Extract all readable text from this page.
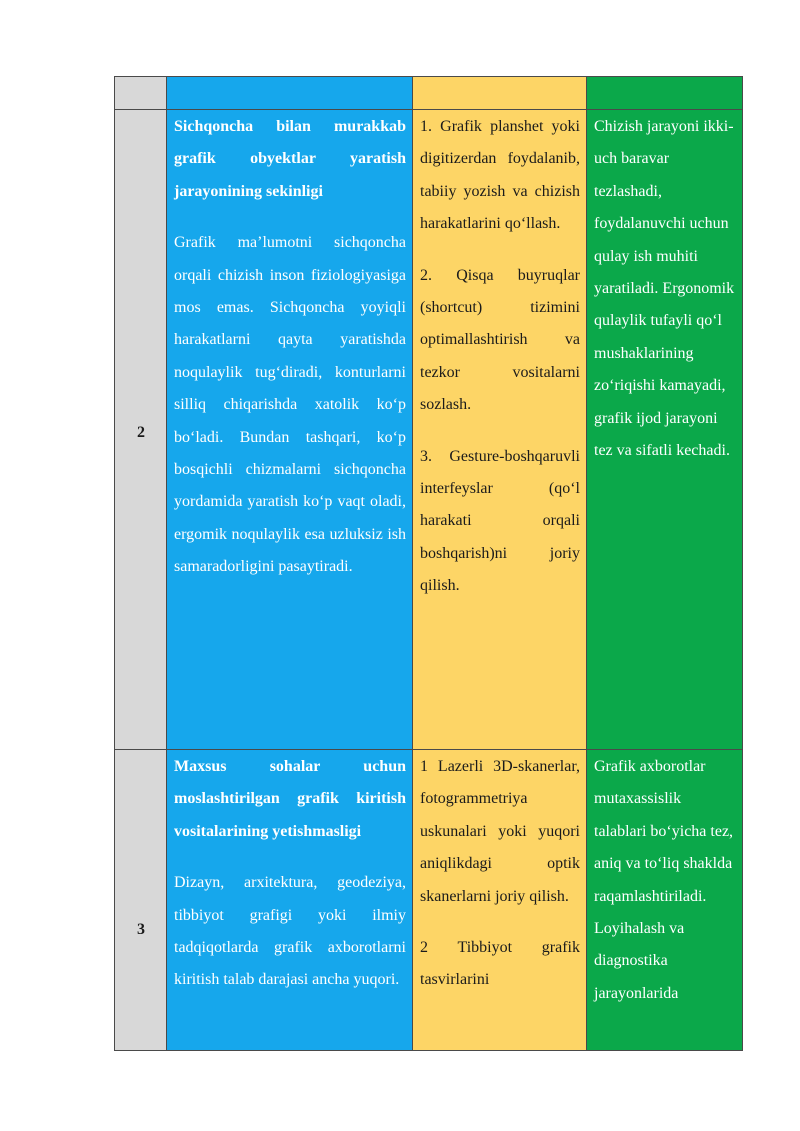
2

Sichqoncha bilan murakkab grafik obyektlar yaratish jarayonining sekinligi

Grafik ma’lumotni sichqoncha orqali chizish inson fiziologiyasiga mos emas. Sichqoncha yoyiqli harakatlarni qayta yaratishda noqulaylik tug‘diradi, konturlarni silliq chiqarishda xatolik ko‘p bo‘ladi. Bundan tashqari, ko‘p bosqichli chizmalarni sichqoncha yordamida yaratish ko‘p vaqt oladi, ergomik noqulaylik esa uzluksiz ish samaradorligini pasaytiradi.

1. Grafik planshet yoki digitizerdan foydalanib, tabiiy yozish va chizish harakatlarini qo‘llash.

2. Qisqa buyruqlar (shortcut) tizimini optimallashtirish va tezkor vositalarni sozlash.

3. Gesture-boshqaruvli interfeyslar (qo‘l harakati orqali boshqarish)ni joriy qilish.

Chizish jarayoni ikki-uch baravar tezlashadi, foydalanuvchi uchun qulay ish muhiti yaratiladi. Ergonomik qulaylik tufayli qo‘l mushaklarining zo‘riqishi kamayadi, grafik ijod jarayoni tez va sifatli kechadi.

3

Maxsus sohalar uchun moslashtirilgan grafik kiritish vositalarining yetishmasligi

Dizayn, arxitektura, geodeziya, tibbiyot grafigi yoki ilmiy tadqiqotlarda grafik axborotlarni kiritish talab darajasi ancha yuqori.

1 Lazerli 3D-skanerlar, fotogrammetriya uskunalari yoki yuqori aniqlikdagi optik skanerlarni joriy qilish.

2 Tibbiyot grafik tasvirlarini

Grafik axborotlar mutaxassislik talablari bo‘yicha tez, aniq va to‘liq shaklda raqamlashtiriladi. Loyihalash va diagnostika jarayonlarida
